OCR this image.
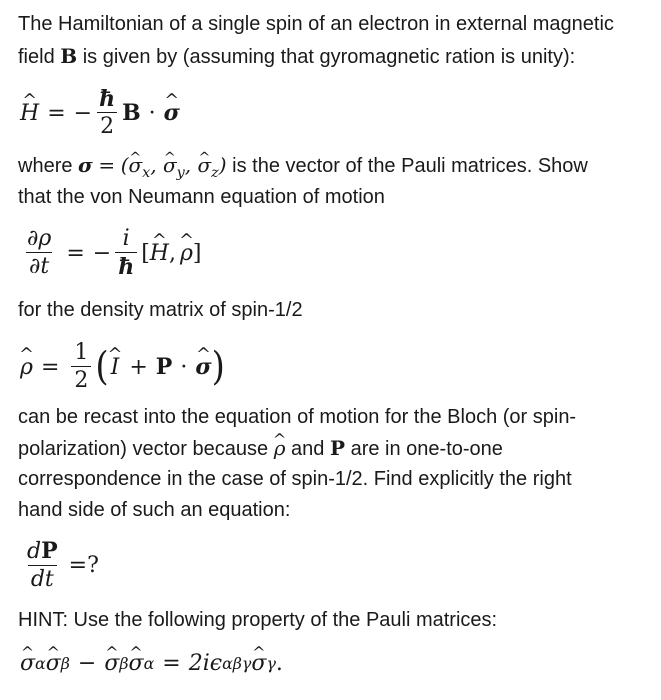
The Hamiltonian of a single spin of an electron in external magnetic

field B is given by (assuming that gyromagnetic ration is unity):

^ H = − $\frac{ħ}{2}$ B · ^ σ

where σ = (^ $\sigma_x$, ^ $\sigma_y$, ^ $\sigma_z$) is the vector of the Pauli matrices. Show

that the von Neumann equation of motion

$\frac{\partial\rho}{\partial t}$ = − $\frac{i}{ħ}$ [ ^ H , ^ ρ ]

for the density matrix of spin-1/2

^ $\rho = \frac{1}{2}$ ( ^ I + P · ^ σ )

can be recast into the equation of motion for the Bloch (or spin-

polarization) vector because ^ ρ and P are in one-to-one

correspondence in the case of spin-1/2. Find explicitly the right

hand side of such an equation:

$\frac{dP}{dt}$ =?

HINT: Use the following property of the Pauli matrices:

^ σ α ^ σ β − ^ σ β ^ σ α = 2i ϵ αβγ ^ σ γ .
